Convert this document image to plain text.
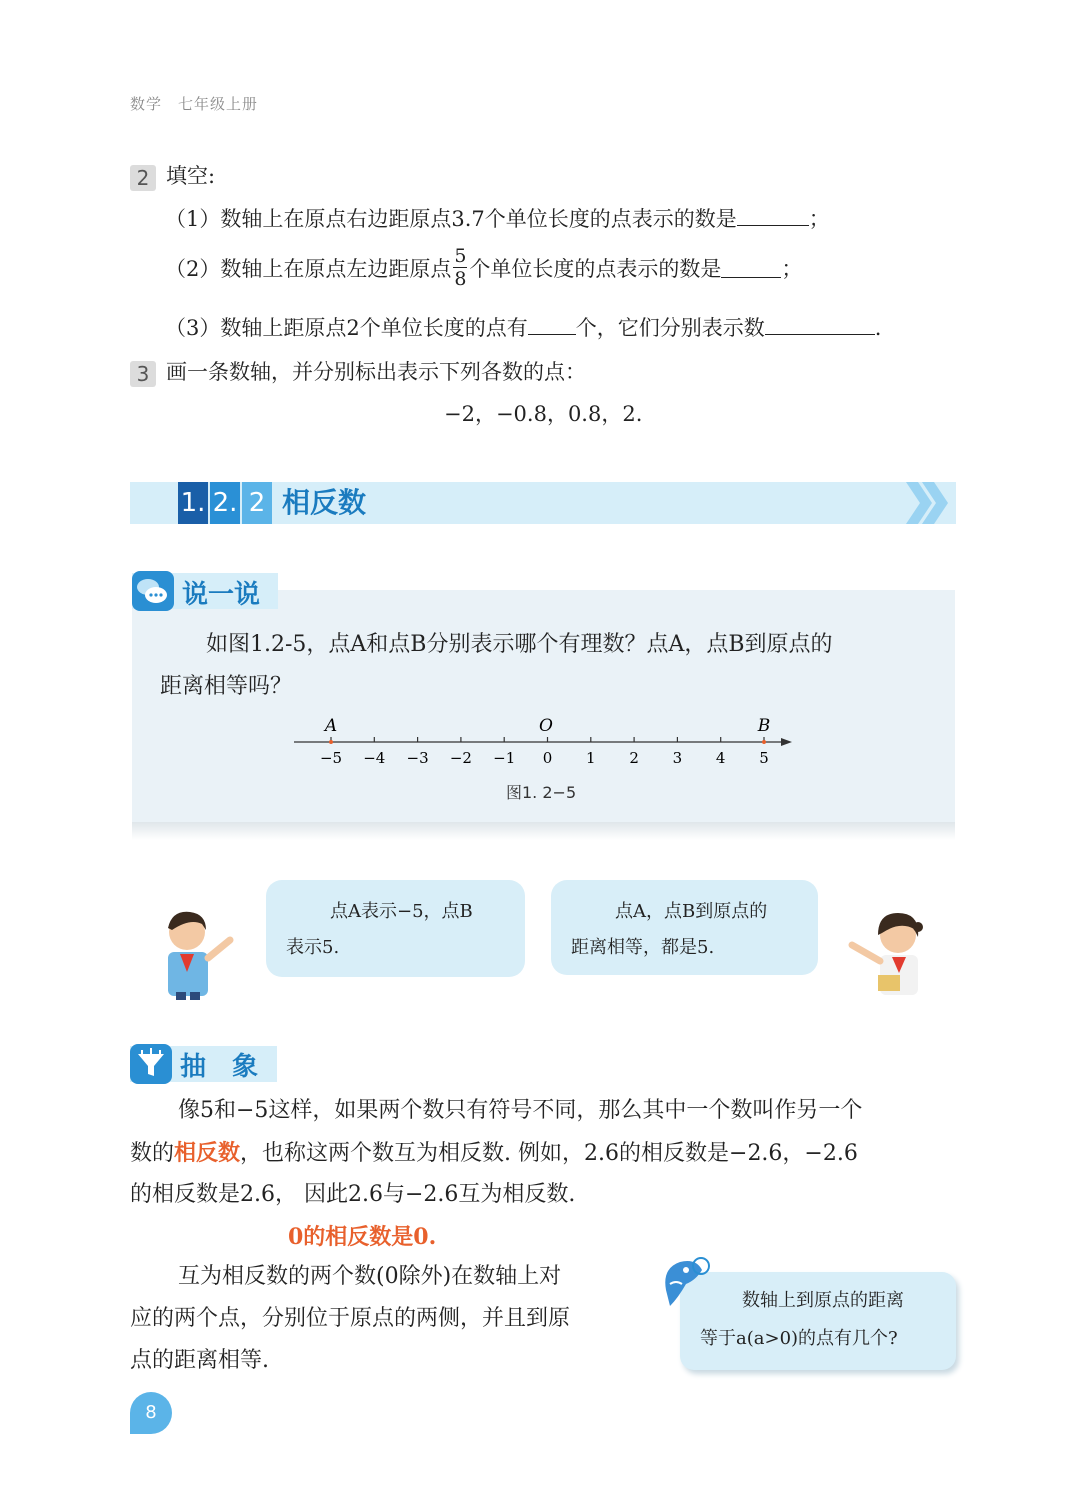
数学　七年级上册
2 填空:
（1）数轴上在原点右边距原点3.7个单位长度的点表示的数是	；
（2）数轴上在原点左边距原点 $\frac{5}{8}$ 个单位长度的点表示的数是	；
（3）数轴上距原点2个单位长度的点有 个，它们分别表示数	.
3 画一条数轴，并分别标出表示下列各数的点：
−2，−0.8，0.8，2.
1. 2. 2 相反数
说一说
如图1.2-5，点A和点B分别表示哪个有理数？点A，点B到原点的
距离相等吗？
−5 −4 −3 −2 −1 0 1 2 3 4 5
A	O	B
图1. 2−5
点A表示−5，点B
表示5.
点A，点B到原点的
距离相等，都是5.
抽　象
像5和−5这样，如果两个数只有符号不同，那么其中一个数叫作另一个
数的相反数，也称这两个数互为相反数. 例如，2.6的相反数是−2.6，−2.6
的相反数是2.6， 因此2.6与−2.6互为相反数.
0的相反数是0.
互为相反数的两个数(0除外)在数轴上对
应的两个点，分别位于原点的两侧，并且到原
点的距离相等.
数轴上到原点的距离
等于a(a>0)的点有几个?
8
